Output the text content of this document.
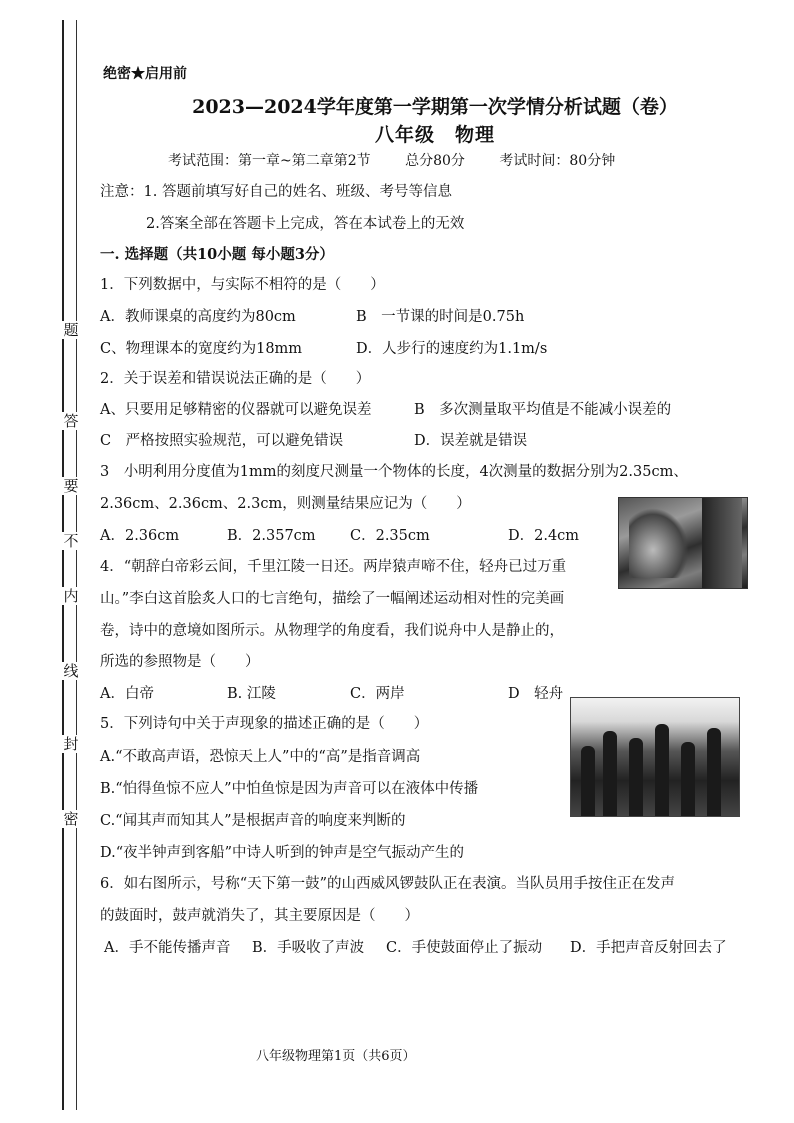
题
答
要
不
内
线
封
密
绝密★启用前
2023—2024学年度第一学期第一次学情分析试题（卷）
八年级　物理
考试范围：第一章~第二章第2节 总分80分 考试时间：80分钟
注意：1. 答题前填写好自己的姓名、班级、考号等信息
2.答案全部在答题卡上完成，答在本试卷上的无效
一. 选择题（共10小题 每小题3分）
1．下列数据中，与实际不相符的是（　　）
A．教师课桌的高度约为80cm	B　一节课的时间是0.75h
C、物理课本的宽度约为18mm	D．人步行的速度约为1.1m/s
2．关于误差和错误说法正确的是（　　）
A、只要用足够精密的仪器就可以避免误差	B　多次测量取平均值是不能减小误差的
C　严格按照实验规范，可以避免错误	D．误差就是错误
3　小明利用分度值为1mm的刻度尺测量一个物体的长度，4次测量的数据分别为2.35cm、
2.36cm、2.36cm、2.3cm，则测量结果应记为（　　）
A．2.36cm	B．2.357cm C．2.35cm	D．2.4cm
4．“朝辞白帝彩云间，千里江陵一日还。两岸猿声啼不住，轻舟已过万重
山。”李白这首脍炙人口的七言绝句，描绘了一幅阐述运动相对性的完美画
卷，诗中的意境如图所示。从物理学的角度看，我们说舟中人是静止的，
所选的参照物是（　　）
A．白帝	B. 江陵	C．两岸	D　轻舟
5．下列诗句中关于声现象的描述正确的是（　　）
A.“不敢高声语，恐惊天上人”中的“高”是指音调高
B.“怕得鱼惊不应人”中怕鱼惊是因为声音可以在液体中传播
C.“闻其声而知其人”是根据声音的响度来判断的
D.“夜半钟声到客船”中诗人听到的钟声是空气振动产生的
6．如右图所示，号称“天下第一鼓”的山西威风锣鼓队正在表演。当队员用手按住正在发声
的鼓面时，鼓声就消失了，其主要原因是（　　）
A．手不能传播声音 B．手吸收了声波 C．手使鼓面停止了振动 D．手把声音反射回去了
八年级物理第1页（共6页）
